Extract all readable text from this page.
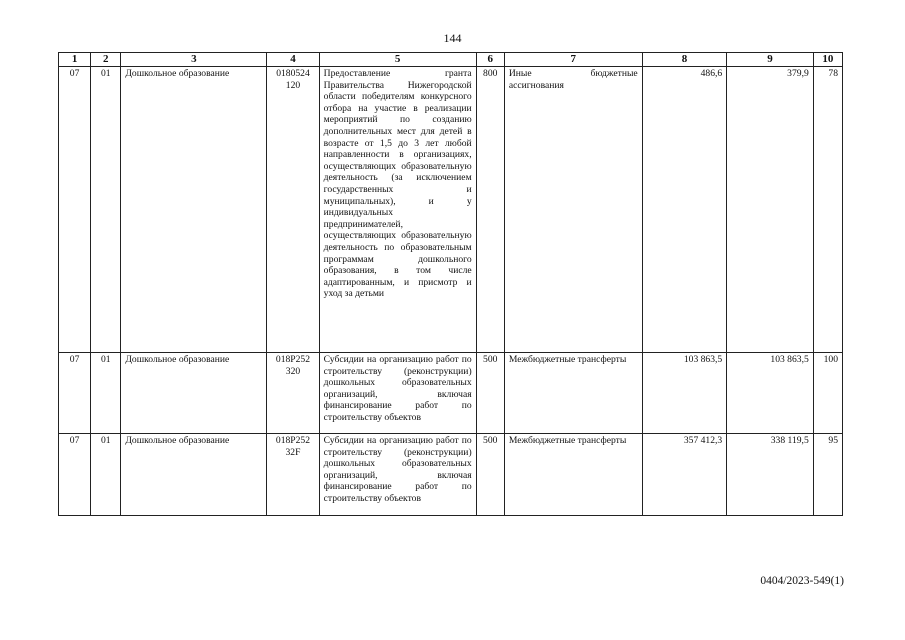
144
1	2	3	4	5	6	7	8	9	10
07	01	Дошкольное образование	0180524 120	Предоставление гранта Правительства Нижегородской области победителям конкурсного отбора на участие в реализации мероприятий по созданию дополнительных мест для детей в возрасте от 1,5 до 3 лет любой направленности в организациях, осуществляющих образовательную деятельность (за исключением государственных и муниципальных), и у индивидуальных предпринимателей, осуществляющих образовательную деятельность по образовательным программам дошкольного образования, в том числе адаптированным, и присмотр и уход за детьми	800	Иные бюджетные ассигнования	486,6	379,9	78
07	01	Дошкольное образование	018Р252 320	Субсидии на организацию работ по строительству (реконструкции) дошкольных образовательных организаций, включая финансирование работ по строительству объектов	500	Межбюджетные трансферты	103 863,5	103 863,5	100
07	01	Дошкольное образование	018Р252 32F	Субсидии на организацию работ по строительству (реконструкции) дошкольных образовательных организаций, включая финансирование работ по строительству объектов	500	Межбюджетные трансферты	357 412,3	338 119,5	95
0404/2023-549(1)
